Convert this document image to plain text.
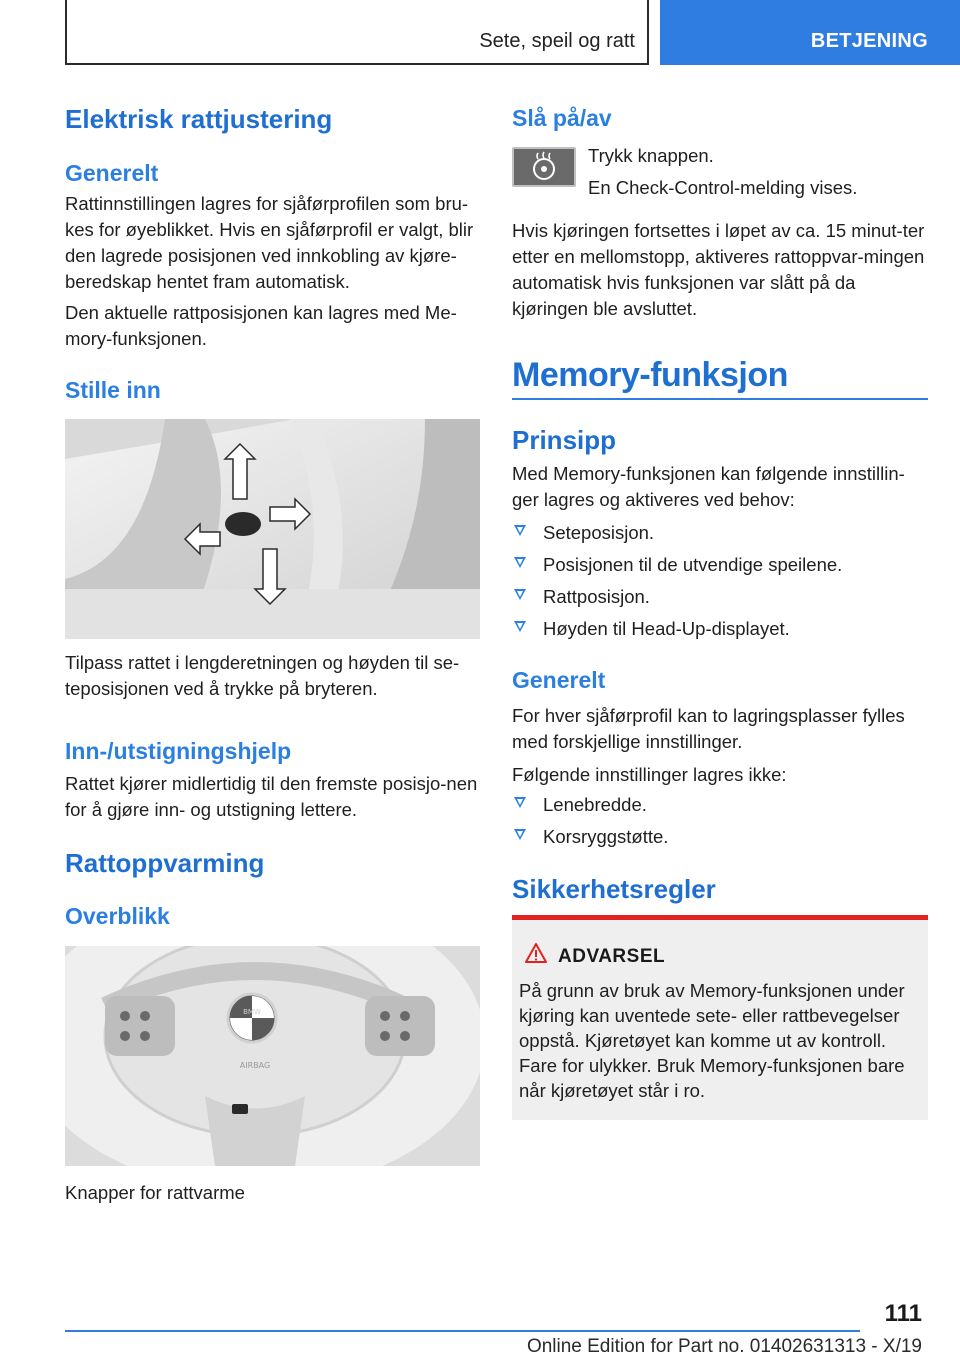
Sete, speil og ratt	BETJENING
Elektrisk rattjustering
Generelt
Rattinnstillingen lagres for sjåførprofilen som bru-kes for øyeblikket. Hvis en sjåførprofil er valgt, blir den lagrede posisjonen ved innkobling av kjøre-beredskap hentet fram automatisk.
Den aktuelle rattposisjonen kan lagres med Me-mory-funksjonen.
Stille inn
Tilpass rattet i lengderetningen og høyden til se-teposisjonen ved å trykke på bryteren.
Inn-/utstigningshjelp
Rattet kjører midlertidig til den fremste posisjo-nen for å gjøre inn- og utstigning lettere.
Rattoppvarming
Overblikk
BMW
AIRBAG
Knapper for rattvarme
Slå på/av
Trykk knappen.
En Check-Control-melding vises.
Hvis kjøringen fortsettes i løpet av ca. 15 minut-ter etter en mellomstopp, aktiveres rattoppvar-mingen automatisk hvis funksjonen var slått på da kjøringen ble avsluttet.
Memory-funksjon
Prinsipp
Med Memory-funksjonen kan følgende innstillin-ger lagres og aktiveres ved behov:
Seteposisjon.
Posisjonen til de utvendige speilene.
Rattposisjon.
Høyden til Head-Up-displayet.
Generelt
For hver sjåførprofil kan to lagringsplasser fylles med forskjellige innstillinger.
Følgende innstillinger lagres ikke:
Lenebredde.
Korsryggstøtte.
Sikkerhetsregler
ADVARSEL
På grunn av bruk av Memory-funksjonen under kjøring kan uventede sete- eller rattbevegelser oppstå. Kjøretøyet kan komme ut av kontroll. Fare for ulykker. Bruk Memory-funksjonen bare når kjøretøyet står i ro.
111
Online Edition for Part no. 01402631313 - X/19
